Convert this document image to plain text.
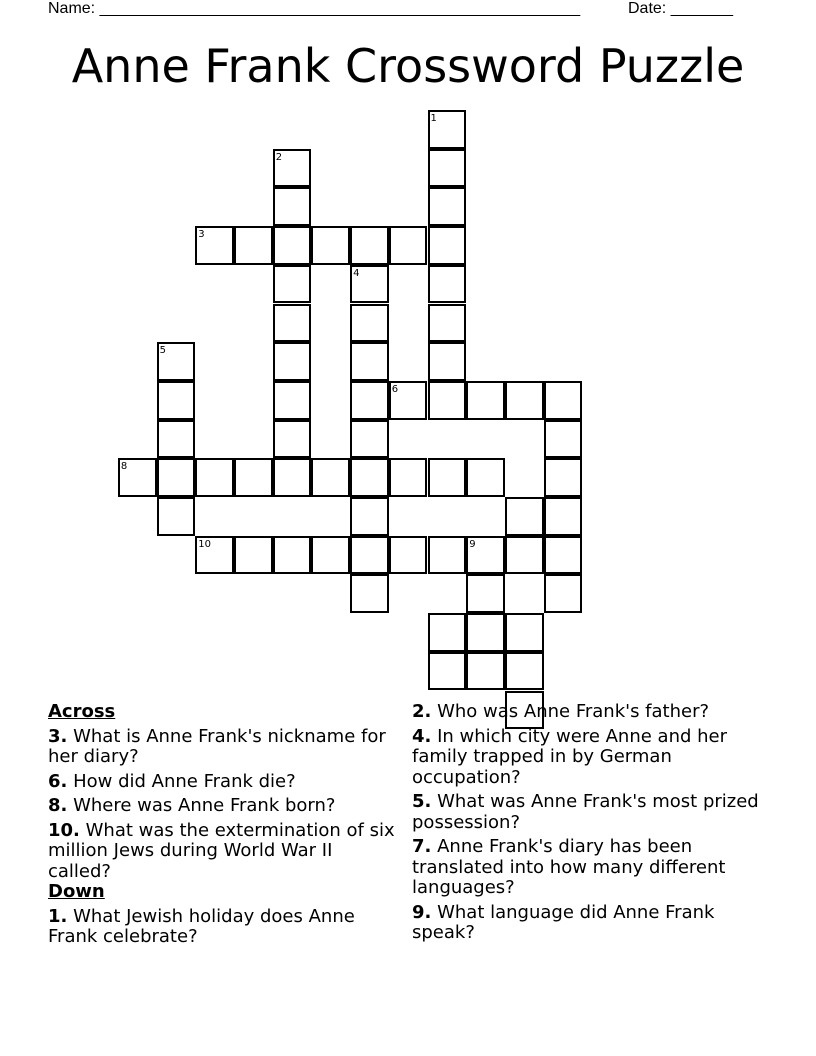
Name: ______________________________________________________	Date: _______
Anne Frank Crossword Puzzle
1
2
3
4
5
6
8
9
10
Across
3. What is Anne Frank's nickname for her diary?
6. How did Anne Frank die?
8. Where was Anne Frank born?
10. What was the extermination of six million Jews during World War II called?
Down
1. What Jewish holiday does Anne Frank celebrate?
2. Who was Anne Frank's father?
4. In which city were Anne and her family trapped in by German occupation?
5. What was Anne Frank's most prized possession?
7. Anne Frank's diary has been translated into how many different languages?
9. What language did Anne Frank speak?
